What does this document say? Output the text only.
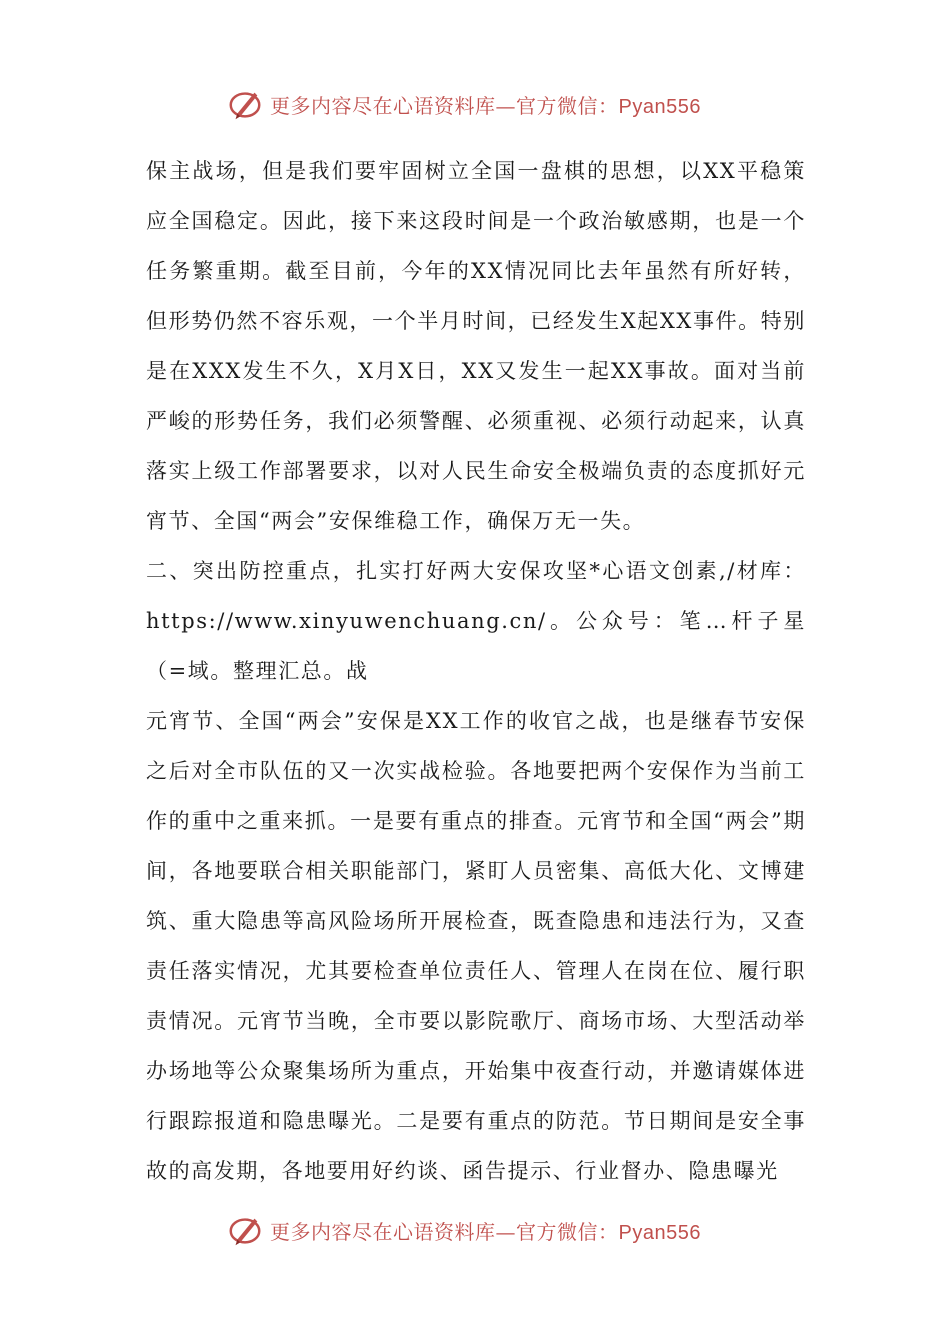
更多内容尽在心语资料库—官方微信：Pyan556

保主战场，但是我们要牢固树立全国一盘棋的思想，以XX平稳策应全国稳定。因此，接下来这段时间是一个政治敏感期，也是一个任务繁重期。截至目前，今年的XX情况同比去年虽然有所好转，但形势仍然不容乐观，一个半月时间，已经发生X起XX事件。特别是在XXX发生不久，X月X日，XX又发生一起XX事故。面对当前严峻的形势任务，我们必须警醒、必须重视、必须行动起来，认真落实上级工作部署要求，以对人民生命安全极端负责的态度抓好元宵节、全国“两会”安保维稳工作，确保万无一失。

二、突出防控重点，扎实打好两大安保攻坚*心语文创素,/材库：

https://www.xinyuwenchuang.cn/。公众号：笔…杆子星（=域。整理汇总。战

元宵节、全国“两会”安保是XX工作的收官之战，也是继春节安保之后对全市队伍的又一次实战检验。各地要把两个安保作为当前工作的重中之重来抓。一是要有重点的排查。元宵节和全国“两会”期间，各地要联合相关职能部门，紧盯人员密集、高低大化、文博建筑、重大隐患等高风险场所开展检查，既查隐患和违法行为，又查责任落实情况，尤其要检查单位责任人、管理人在岗在位、履行职责情况。元宵节当晚，全市要以影院歌厅、商场市场、大型活动举办场地等公众聚集场所为重点，开始集中夜查行动，并邀请媒体进行跟踪报道和隐患曝光。二是要有重点的防范。节日期间是安全事故的高发期，各地要用好约谈、函告提示、行业督办、隐患曝光

更多内容尽在心语资料库—官方微信：Pyan556
